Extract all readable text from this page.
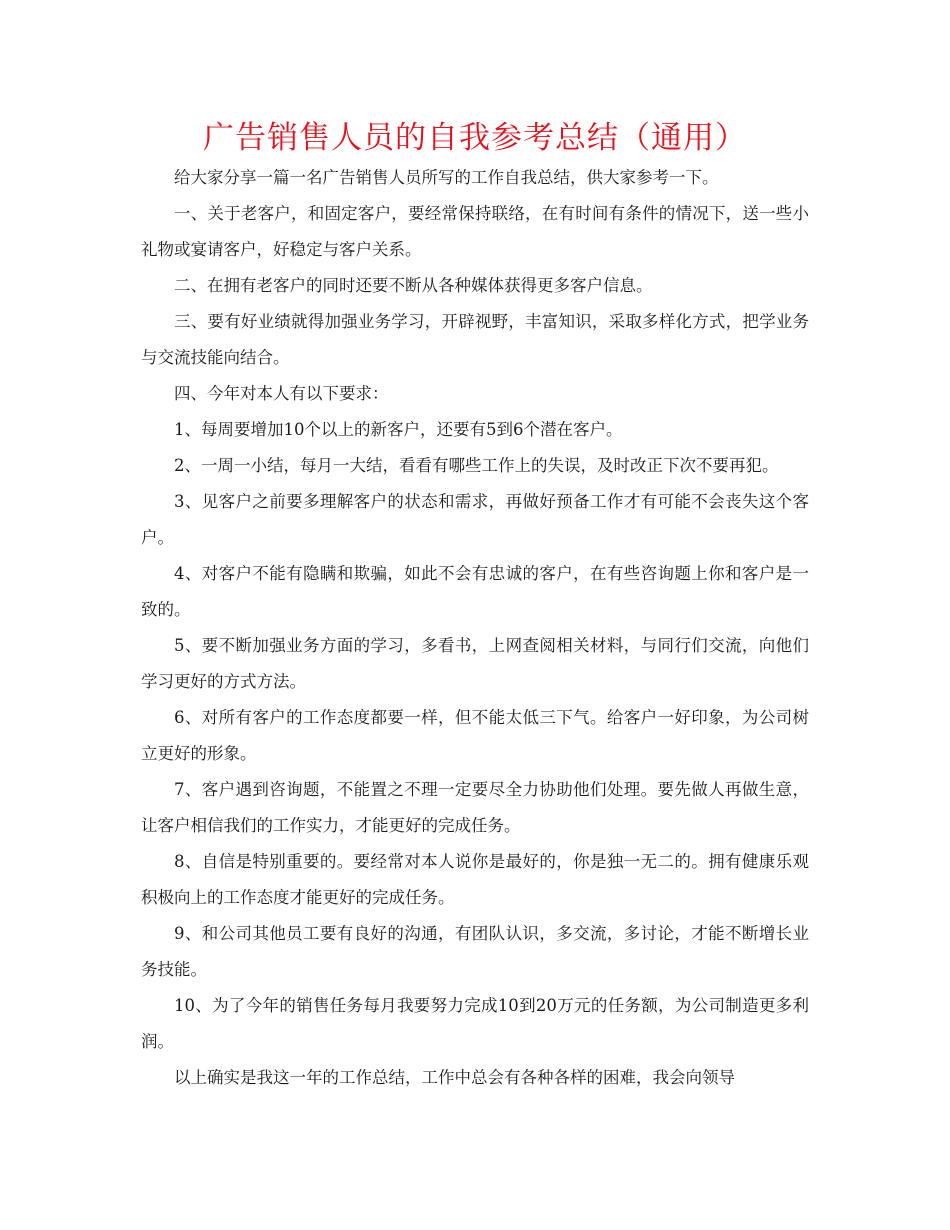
广告销售人员的自我参考总结（通用）

给大家分享一篇一名广告销售人员所写的工作自我总结，供大家参考一下。

一、关于老客户，和固定客户，要经常保持联络，在有时间有条件的情况下，送一些小礼物或宴请客户，好稳定与客户关系。

二、在拥有老客户的同时还要不断从各种媒体获得更多客户信息。

三、要有好业绩就得加强业务学习，开辟视野，丰富知识，采取多样化方式，把学业务与交流技能向结合。

四、今年对本人有以下要求：

1、每周要增加10个以上的新客户，还要有5到6个潜在客户。

2、一周一小结，每月一大结，看看有哪些工作上的失误，及时改正下次不要再犯。

3、见客户之前要多理解客户的状态和需求，再做好预备工作才有可能不会丧失这个客户。

4、对客户不能有隐瞒和欺骗，如此不会有忠诚的客户，在有些咨询题上你和客户是一致的。

5、要不断加强业务方面的学习，多看书，上网查阅相关材料，与同行们交流，向他们学习更好的方式方法。

6、对所有客户的工作态度都要一样，但不能太低三下气。给客户一好印象，为公司树立更好的形象。

7、客户遇到咨询题，不能置之不理一定要尽全力协助他们处理。要先做人再做生意，让客户相信我们的工作实力，才能更好的完成任务。

8、自信是特别重要的。要经常对本人说你是最好的，你是独一无二的。拥有健康乐观积极向上的工作态度才能更好的完成任务。

9、和公司其他员工要有良好的沟通，有团队认识，多交流，多讨论，才能不断增长业务技能。

10、为了今年的销售任务每月我要努力完成10到20万元的任务额，为公司制造更多利润。

以上确实是我这一年的工作总结，工作中总会有各种各样的困难，我会向领导
